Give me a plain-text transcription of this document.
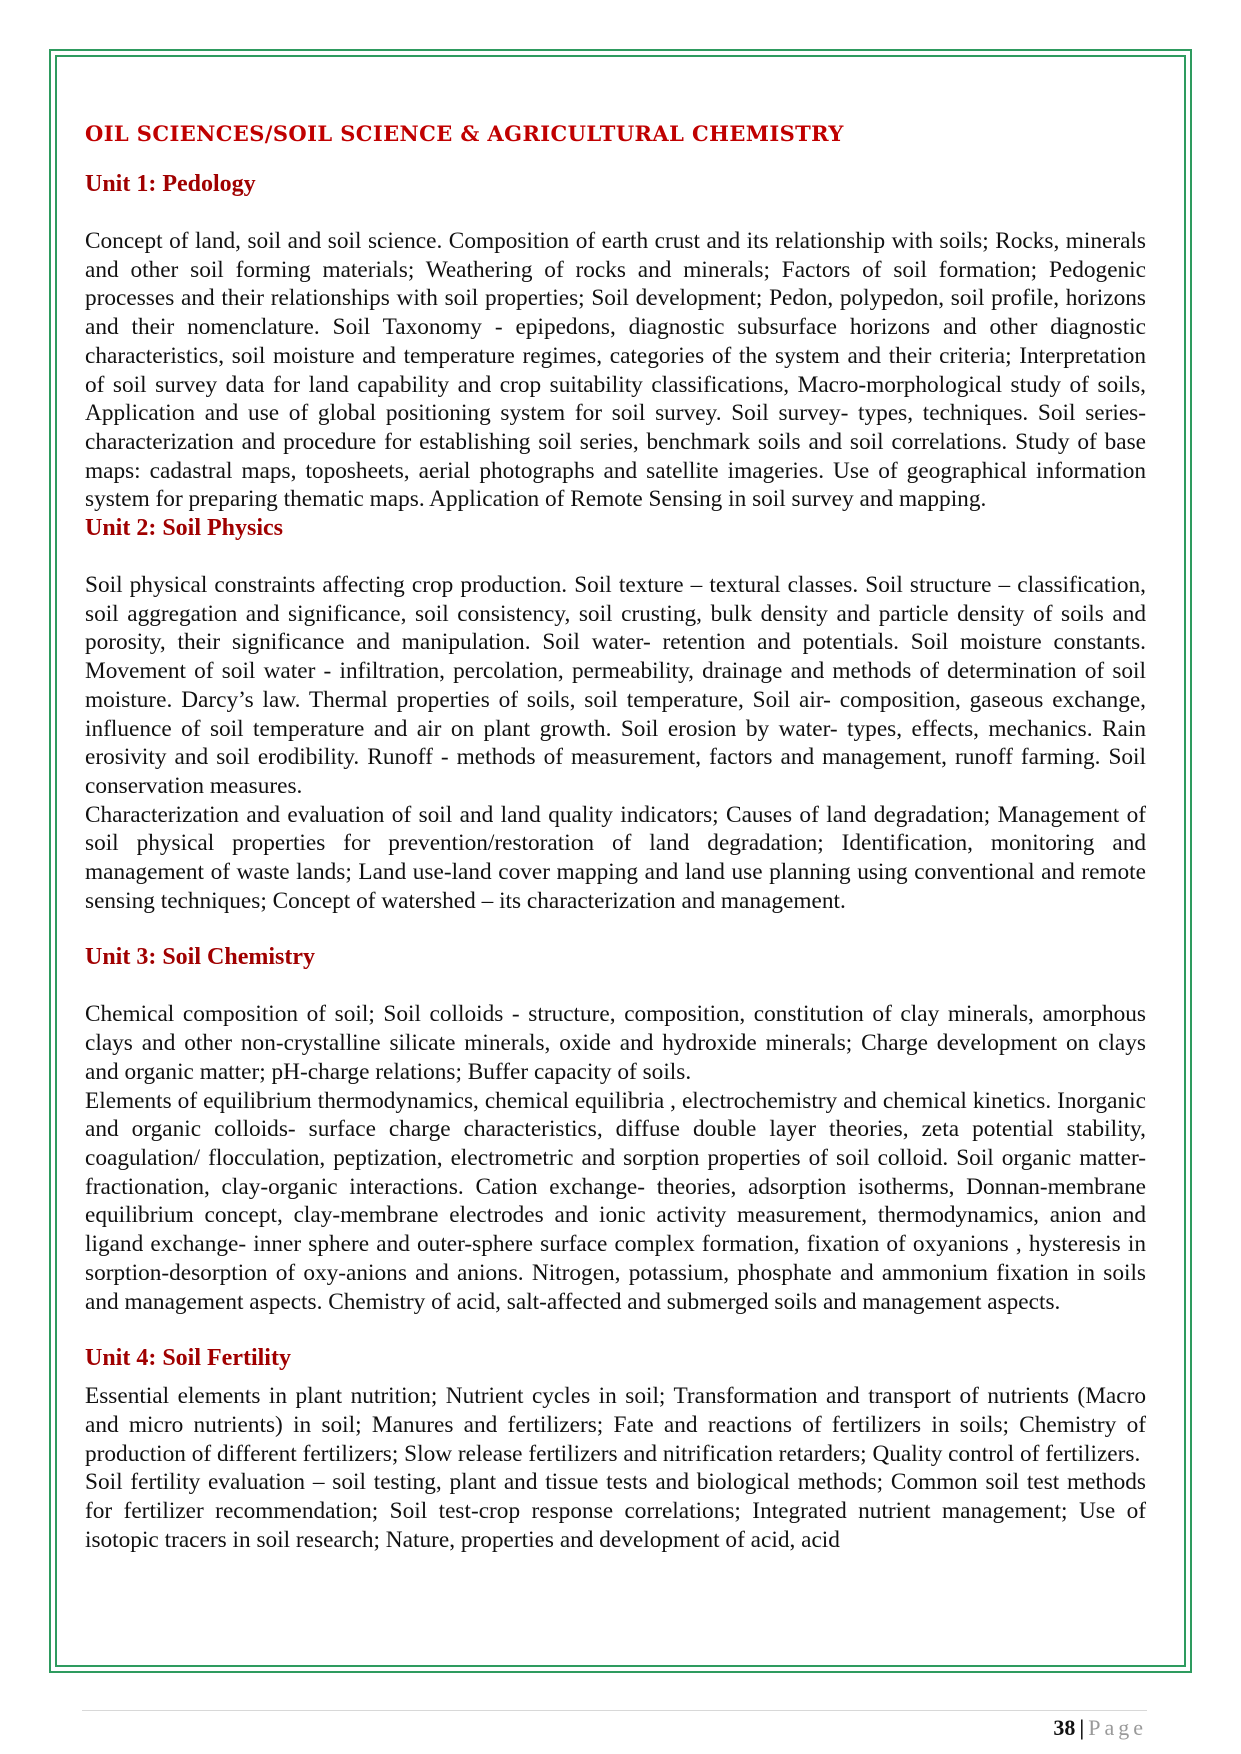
OIL SCIENCES/SOIL SCIENCE & AGRICULTURAL CHEMISTRY
Unit 1: Pedology

Concept of land, soil and soil science. Composition of earth crust and its relationship with soils; Rocks, minerals and other soil forming materials; Weathering of rocks and minerals; Factors of soil formation; Pedogenic processes and their relationships with soil properties; Soil development; Pedon, polypedon, soil profile, horizons and their nomenclature. Soil Taxonomy - epipedons, diagnostic subsurface horizons and other diagnostic characteristics, soil moisture and temperature regimes, categories of the system and their criteria; Interpretation of soil survey data for land capability and crop suitability classifications, Macro-morphological study of soils, Application and use of global positioning system for soil survey. Soil survey- types, techniques. Soil series- characterization and procedure for establishing soil series, benchmark soils and soil correlations. Study of base maps: cadastral maps, toposheets, aerial photographs and satellite imageries. Use of geographical information system for preparing thematic maps. Application of Remote Sensing in soil survey and mapping.

Unit 2: Soil Physics

Soil physical constraints affecting crop production. Soil texture – textural classes. Soil structure – classification, soil aggregation and significance, soil consistency, soil crusting, bulk density and particle density of soils and porosity, their significance and manipulation. Soil water- retention and potentials. Soil moisture constants. Movement of soil water - infiltration, percolation, permeability, drainage and methods of determination of soil moisture. Darcy’s law. Thermal properties of soils, soil temperature, Soil air- composition, gaseous exchange, influence of soil temperature and air on plant growth. Soil erosion by water- types, effects, mechanics. Rain erosivity and soil erodibility. Runoff - methods of measurement, factors and management, runoff farming. Soil conservation measures.

Characterization and evaluation of soil and land quality indicators; Causes of land degradation; Management of soil physical properties for prevention/restoration of land degradation; Identification, monitoring and management of waste lands; Land use-land cover mapping and land use planning using conventional and remote sensing techniques; Concept of watershed – its characterization and management.

Unit 3: Soil Chemistry

Chemical composition of soil; Soil colloids - structure, composition, constitution of clay minerals, amorphous clays and other non-crystalline silicate minerals, oxide and hydroxide minerals; Charge development on clays and organic matter; pH-charge relations; Buffer capacity of soils.

Elements of equilibrium thermodynamics, chemical equilibria , electrochemistry and chemical kinetics. Inorganic and organic colloids- surface charge characteristics, diffuse double layer theories, zeta potential stability, coagulation/ flocculation, peptization, electrometric and sorption properties of soil colloid. Soil organic matter-fractionation, clay-organic interactions. Cation exchange- theories, adsorption isotherms, Donnan-membrane equilibrium concept, clay-membrane electrodes and ionic activity measurement, thermodynamics, anion and ligand exchange- inner sphere and outer-sphere surface complex formation, fixation of oxyanions , hysteresis in sorption-desorption of oxy-anions and anions. Nitrogen, potassium, phosphate and ammonium fixation in soils and management aspects. Chemistry of acid, salt-affected and submerged soils and management aspects.

Unit 4: Soil Fertility

Essential elements in plant nutrition; Nutrient cycles in soil; Transformation and transport of nutrients (Macro and micro nutrients) in soil; Manures and fertilizers; Fate and reactions of fertilizers in soils; Chemistry of production of different fertilizers; Slow release fertilizers and nitrification retarders; Quality control of fertilizers.

Soil fertility evaluation – soil testing, plant and tissue tests and biological methods; Common soil test methods for fertilizer recommendation; Soil test-crop response correlations; Integrated nutrient management; Use of isotopic tracers in soil research; Nature, properties and development of acid, acid

38 | Page
